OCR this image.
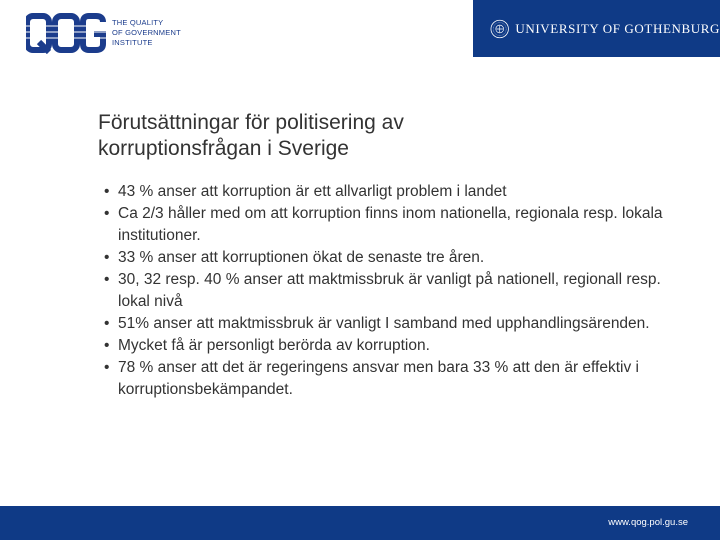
THE QUALITY
OF GOVERNMENT
INSTITUTE
UNIVERSITY OF GOTHENBURG
Förutsättningar för politisering av
korruptionsfrågan i Sverige
• 43 % anser att korruption är ett allvarligt problem i landet
• Ca 2/3 håller med om att korruption finns inom nationella, regionala resp. lokala institutioner.
• 33 % anser att korruptionen ökat de senaste tre åren.
• 30, 32 resp. 40 % anser att maktmissbruk är vanligt på nationell, regionall resp. lokal nivå
• 51% anser att maktmissbruk är vanligt I samband med upphandlingsärenden.
• Mycket få är personligt berörda av korruption.
• 78 % anser att det är regeringens ansvar men bara 33 % att den är effektiv i korruptionsbekämpandet.
www.qog.pol.gu.se
